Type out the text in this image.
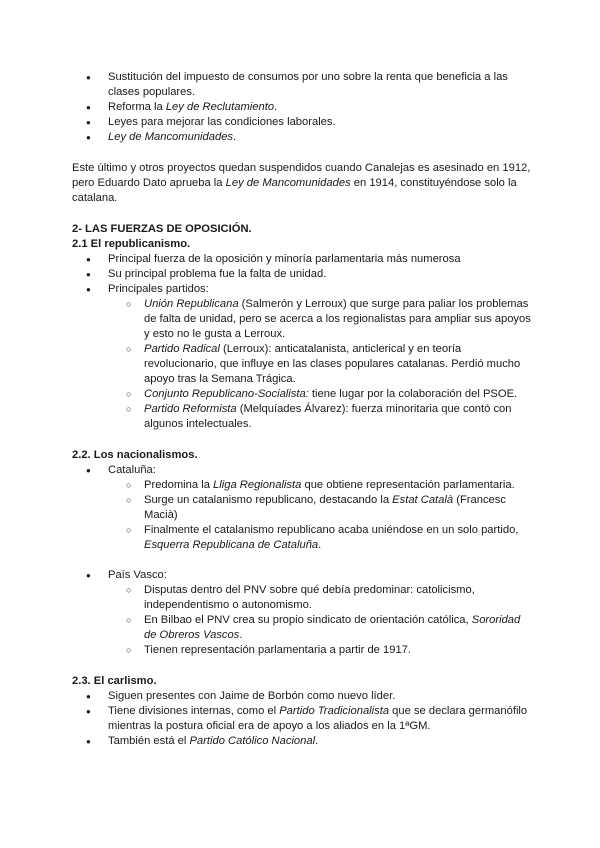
● Sustitución del impuesto de consumos por uno sobre la renta que beneficia a las clases populares.
● Reforma la Ley de Reclutamiento.
● Leyes para mejorar las condiciones laborales.
● Ley de Mancomunidades.

Este último y otros proyectos quedan suspendidos cuando Canalejas es asesinado en 1912, pero Eduardo Dato aprueba la Ley de Mancomunidades en 1914, constituyéndose solo la catalana.

2- LAS FUERZAS DE OPOSICIÓN.

2.1 El republicanismo.

● Principal fuerza de la oposición y minoría parlamentaria más numerosa
● Su principal problema fue la falta de unidad.
● Principales partidos:
○ Unión Republicana (Salmerón y Lerroux) que surge para paliar los problemas de falta de unidad, pero se acerca a los regionalistas para ampliar sus apoyos y esto no le gusta a Lerroux.
○ Partido Radical (Lerroux): anticatalanista, anticlerical y en teoría revolucionario, que influye en las clases populares catalanas. Perdió mucho apoyo tras la Semana Trágica.
○ Conjunto Republicano-Socialista: tiene lugar por la colaboración del PSOE.
○ Partido Reformista (Melquíades Álvarez): fuerza minoritaria que contó con algunos intelectuales.

2.2. Los nacionalismos.

● Cataluña:
○ Predomina la Lliga Regionalista que obtiene representación parlamentaria.
○ Surge un catalanismo republicano, destacando la Estat Català (Francesc Macià)
○ Finalmente el catalanismo republicano acaba uniéndose en un solo partido, Esquerra Republicana de Cataluña.
● País Vasco:
○ Disputas dentro del PNV sobre qué debía predominar: catolicismo, independentismo o autonomismo.
○ En Bilbao el PNV crea su propio sindicato de orientación católica, Sororidad de Obreros Vascos.
○ Tienen representación parlamentaria a partir de 1917.

2.3. El carlismo.

● Siguen presentes con Jaime de Borbón como nuevo líder.
● Tiene divisiones internas, como el Partido Tradicionalista que se declara germanófilo mientras la postura oficial era de apoyo a los aliados en la 1ªGM.
● También está el Partido Católico Nacional.
